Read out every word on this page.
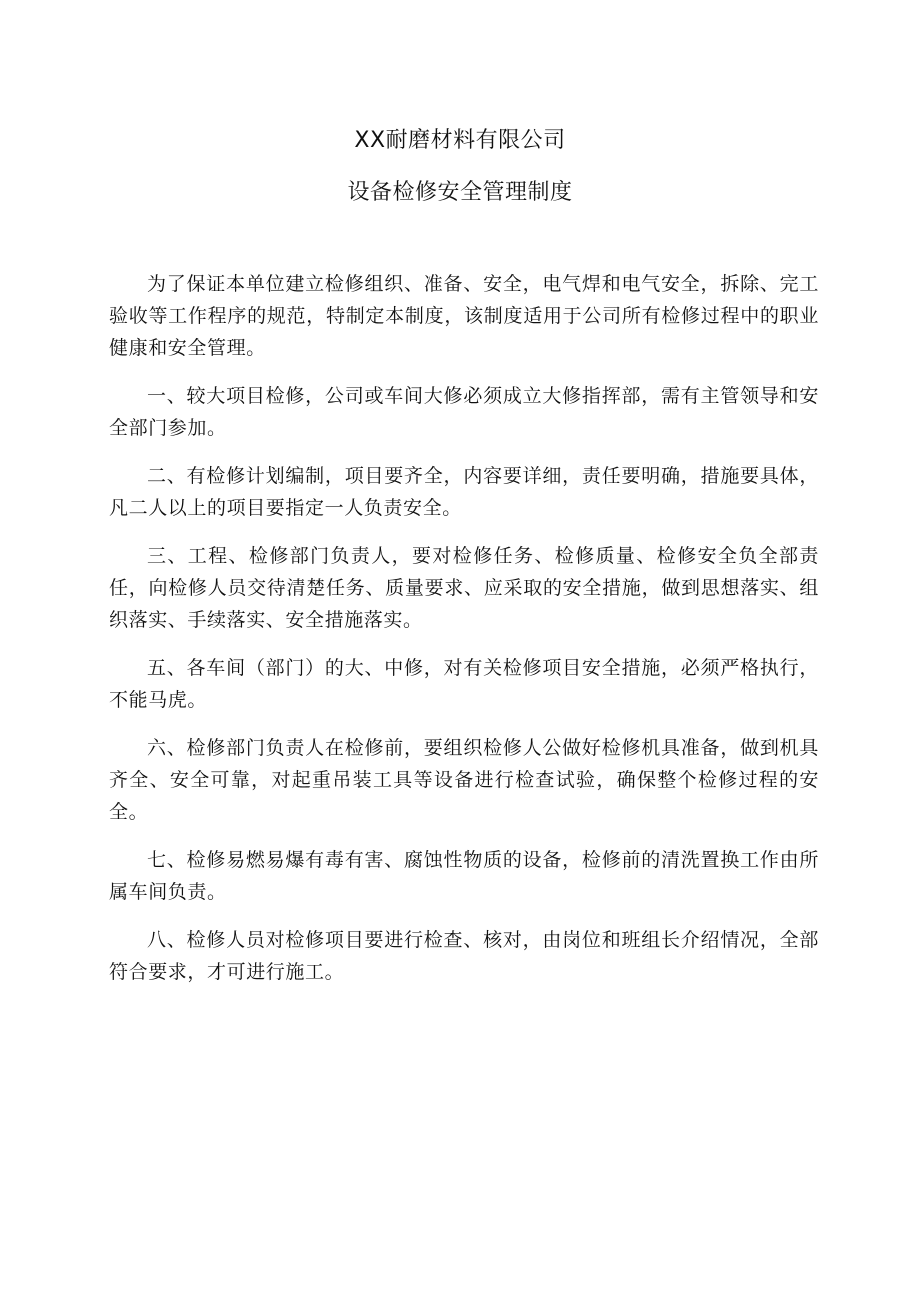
XX耐磨材料有限公司
设备检修安全管理制度

为了保证本单位建立检修组织、准备、安全，电气焊和电气安全，拆除、完工验收等工作程序的规范，特制定本制度，该制度适用于公司所有检修过程中的职业健康和安全管理。

一、较大项目检修，公司或车间大修必须成立大修指挥部，需有主管领导和安全部门参加。

二、有检修计划编制，项目要齐全，内容要详细，责任要明确，措施要具体，凡二人以上的项目要指定一人负责安全。

三、工程、检修部门负责人，要对检修任务、检修质量、检修安全负全部责任，向检修人员交待清楚任务、质量要求、应采取的安全措施，做到思想落实、组织落实、手续落实、安全措施落实。

五、各车间（部门）的大、中修，对有关检修项目安全措施，必须严格执行，不能马虎。

六、检修部门负责人在检修前，要组织检修人公做好检修机具准备，做到机具齐全、安全可靠，对起重吊装工具等设备进行检查试验，确保整个检修过程的安全。

七、检修易燃易爆有毒有害、腐蚀性物质的设备，检修前的清洗置换工作由所属车间负责。

八、检修人员对检修项目要进行检查、核对，由岗位和班组长介绍情况，全部符合要求，才可进行施工。
